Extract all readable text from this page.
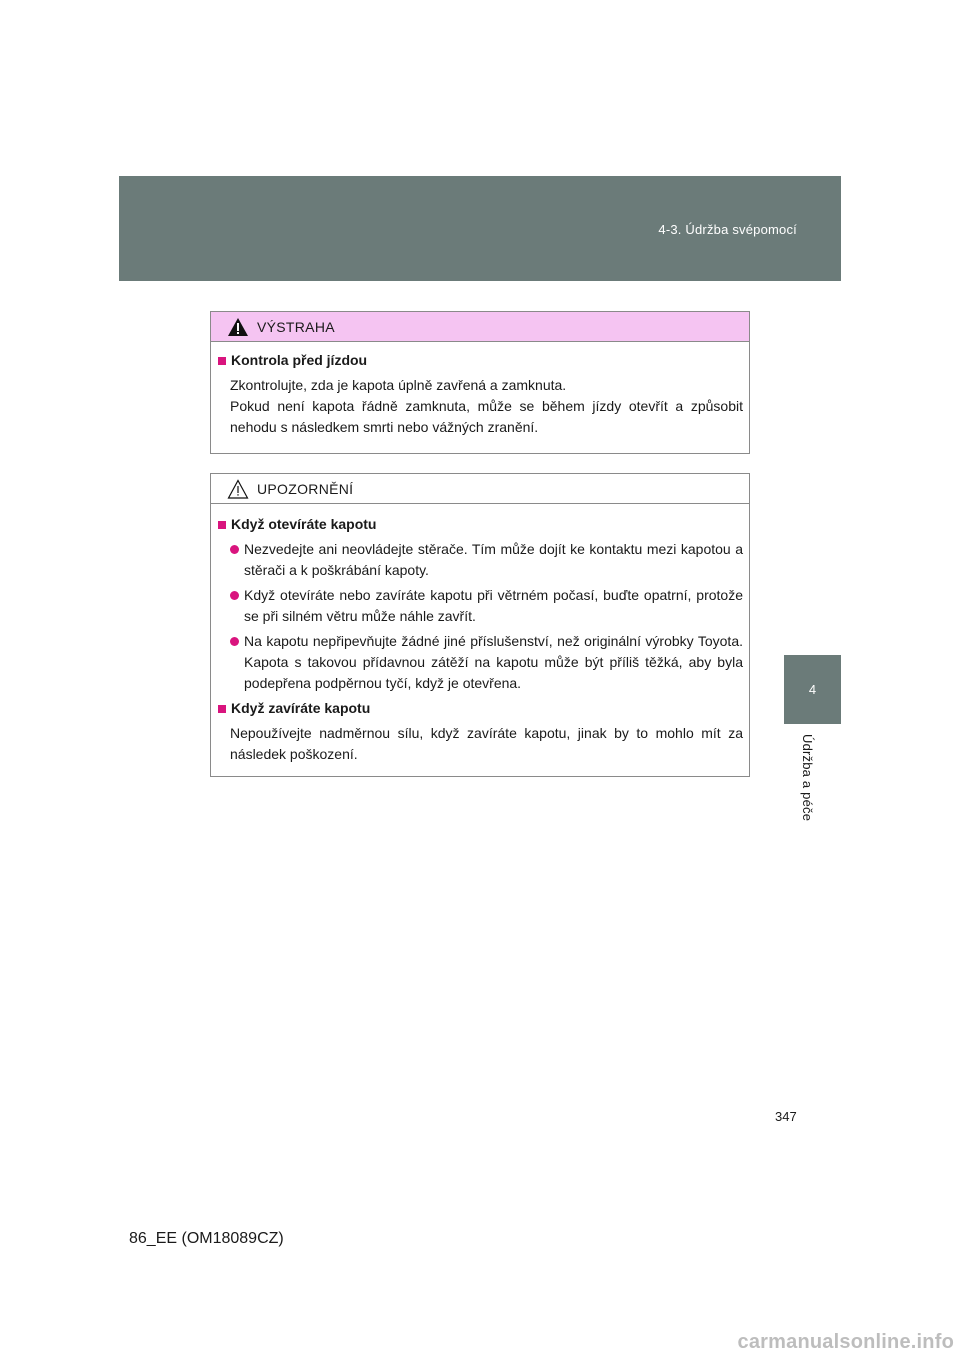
4-3. Údržba svépomocí
4
Údržba a péče
VÝSTRAHA
Kontrola před jízdou
Zkontrolujte, zda je kapota úplně zavřená a zamknuta.
Pokud není kapota řádně zamknuta, může se během jízdy otevřít a způsobit nehodu s následkem smrti nebo vážných zranění.
UPOZORNĚNÍ
Když otevíráte kapotu
Nezvedejte ani neovládejte stěrače. Tím může dojít ke kontaktu mezi kapotou a stěrači a k poškrábání kapoty.
Když otevíráte nebo zavíráte kapotu při větrném počasí, buďte opatrní, protože se při silném větru může náhle zavřít.
Na kapotu nepřipevňujte žádné jiné příslušenství, než originální výrobky Toyota. Kapota s takovou přídavnou zátěží na kapotu může být příliš těžká, aby byla podepřena podpěrnou tyčí, když je otevřena.
Když zavíráte kapotu
Nepoužívejte nadměrnou sílu, když zavíráte kapotu, jinak by to mohlo mít za následek poškození.
347
86_EE (OM18089CZ)
carmanualsonline.info
